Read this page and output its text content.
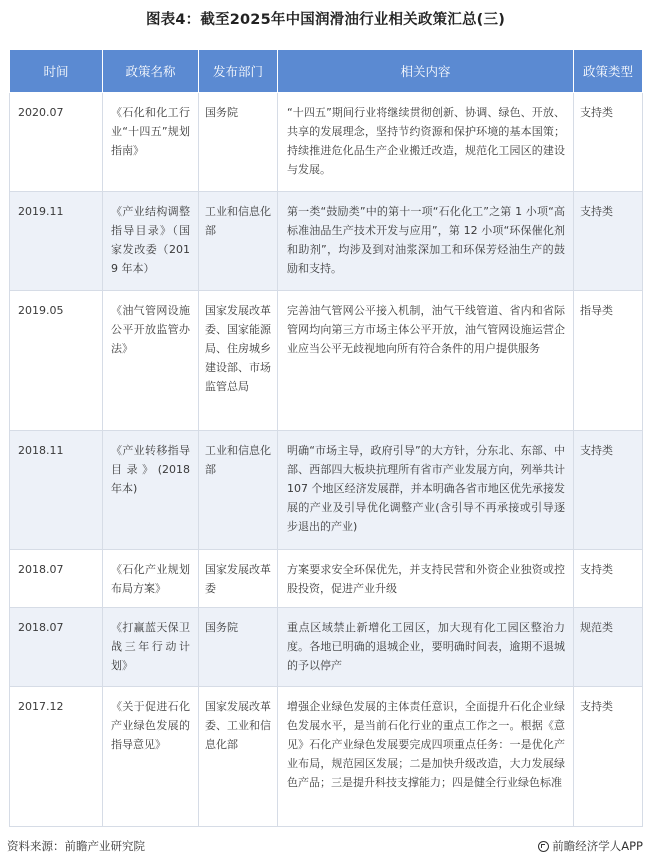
图表4：截至2025年中国润滑油行业相关政策汇总(三)
时间	政策名称	发布部门	相关内容	政策类型
2020.07	《石化和化工行业“十四五”规划指南》	国务院	“十四五”期间行业将继续贯彻创新、协调、绿色、开放、共享的发展理念，坚持节约资源和保护环境的基本国策；持续推进危化品生产企业搬迁改造，规范化工园区的建设与发展。	支持类
2019.11	《产业结构调整指导目录》（国家发改委（2019 年本）	工业和信息化部	第一类“鼓励类”中的第十一项“石化化工”之第 1 小项“高标准油品生产技术开发与应用”，第 12 小项“环保催化剂和助剂”，均涉及到对油浆深加工和环保芳烃油生产的鼓励和支持。	支持类
2019.05	《油气管网设施公平开放监管办法》	国家发展改革委、国家能源局、住房城乡建设部、市场监管总局	完善油气管网公平接入机制，油气干线管道、省内和省际管网均向第三方市场主体公平开放，油气管网设施运营企业应当公平无歧视地向所有符合条件的用户提供服务	指导类
2018.11	《产业转移指导目录》(2018 年本)	工业和信息化部	明确“市场主导，政府引导”的大方针，分东北、东部、中部、西部四大板块抗理所有省市产业发展方向，列举共计 107 个地区经济发展群，并本明确各省市地区优先承接发展的产业及引导优化调整产业(含引导不再承接或引导逐步退出的产业)	支持类
2018.07	《石化产业规划布局方案》	国家发展改革委	方案要求安全环保优先，并支持民营和外资企业独资或控股投资，促进产业升级	支持类
2018.07	《打赢蓝天保卫战三年行动计划》	国务院	重点区域禁止新增化工园区，加大现有化工园区整治力度。各地已明确的退城企业，要明确时间表，逾期不退城的予以停产	规范类
2017.12	《关于促进石化产业绿色发展的指导意见》	国家发展改革委、工业和信息化部	增强企业绿色发展的主体责任意识，全面提升石化企业绿色发展水平，是当前石化行业的重点工作之一。根据《意见》石化产业绿色发展要完成四项重点任务：一是优化产业布局，规范园区发展；二是加快升级改造，大力发展绿色产品；三是提升科技支撑能力；四是健全行业绿色标准	支持类
资料来源：前瞻产业研究院	前瞻经济学人APP
